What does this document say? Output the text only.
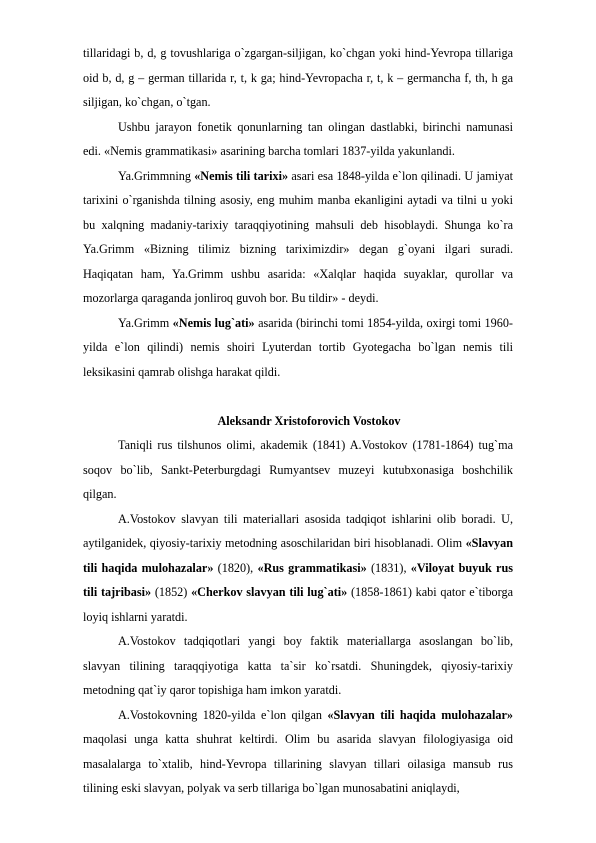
tillaridagi b, d, g tovushlariga o`zgargan-siljigan, ko`chgan yoki hind-Yevropa tillariga oid b, d, g – german tillarida r, t, k ga; hind-Yevropacha r, t, k – germancha f, th, h ga siljigan, ko`chgan, o`tgan.

Ushbu jarayon fonetik qonunlarning tan olingan dastlabki, birinchi namunasi edi. «Nemis grammatikasi» asarining barcha tomlari 1837-yilda yakunlandi.

Ya.Grimmning «Nemis tili tarixi» asari esa 1848-yilda e`lon qilinadi. U jamiyat tarixini o`rganishda tilning asosiy, eng muhim manba ekanligini aytadi va tilni u yoki bu xalqning madaniy-tarixiy taraqqiyotining mahsuli deb hisoblaydi. Shunga ko`ra Ya.Grimm «Bizning tilimiz bizning tariximizdir» degan g`oyani ilgari suradi. Haqiqatan ham, Ya.Grimm ushbu asarida: «Xalqlar haqida suyaklar, qurollar va mozorlarga qaraganda jonliroq guvoh bor. Bu tildir» - deydi.

Ya.Grimm «Nemis lug`ati» asarida (birinchi tomi 1854-yilda, oxirgi tomi 1960-yilda e`lon qilindi) nemis shoiri Lyuterdan tortib Gyotegacha bo`lgan nemis tili leksikasini qamrab olishga harakat qildi.

Aleksandr Xristoforovich Vostokov

Taniqli rus tilshunos olimi, akademik (1841) A.Vostokov (1781-1864) tug`ma soqov bo`lib, Sankt-Peterburgdagi Rumyantsev muzeyi kutubxonasiga boshchilik qilgan.

A.Vostokov slavyan tili materiallari asosida tadqiqot ishlarini olib boradi. U, aytilganidek, qiyosiy-tarixiy metodning asoschilaridan biri hisoblanadi. Olim «Slavyan tili haqida mulohazalar» (1820), «Rus grammatikasi» (1831), «Viloyat buyuk rus tili tajribasi» (1852) «Cherkov slavyan tili lug`ati» (1858-1861) kabi qator e`tiborga loyiq ishlarni yaratdi.

A.Vostokov tadqiqotlari yangi boy faktik materiallarga asoslangan bo`lib, slavyan tilining taraqqiyotiga katta ta`sir ko`rsatdi. Shuningdek, qiyosiy-tarixiy metodning qat`iy qaror topishiga ham imkon yaratdi.

A.Vostokovning 1820-yilda e`lon qilgan «Slavyan tili haqida mulohazalar» maqolasi unga katta shuhrat keltirdi. Olim bu asarida slavyan filologiyasiga oid masalalarga to`xtalib, hind-Yevropa tillarining slavyan tillari oilasiga mansub rus tilining eski slavyan, polyak va serb tillariga bo`lgan munosabatini aniqlaydi,
